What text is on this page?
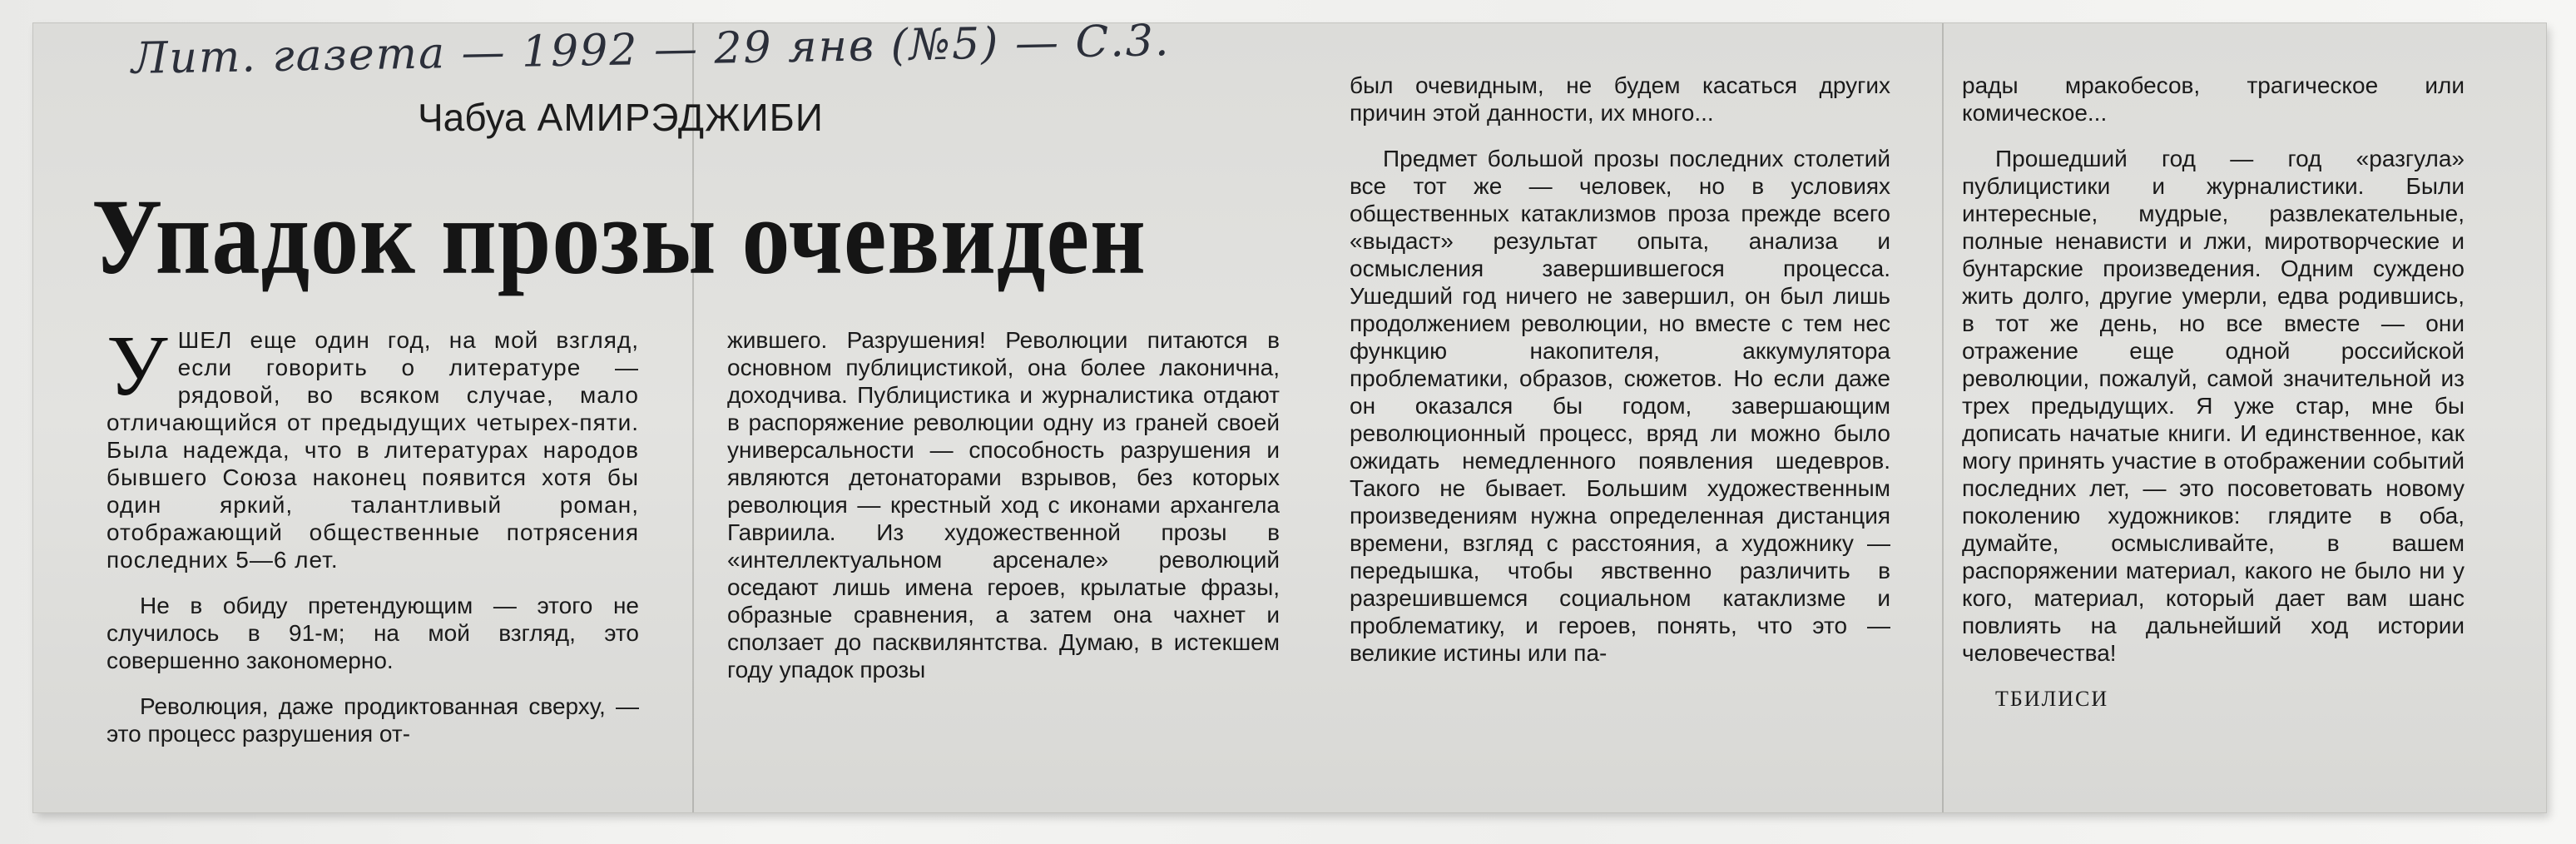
Лит. газета — 1992 — 29 янв (№5) — С.3.
Чабуа АМИРЭДЖИБИ
Упадок прозы очевиден

УШЕЛ еще один год, на мой взгляд, если говорить о литературе — рядовой, во всяком случае, мало отличающийся от предыдущих четырех-пяти. Была надежда, что в литературах народов бывшего Союза наконец появится хотя бы один яркий, талантливый роман, отображающий общественные потрясения последних 5—6 лет.

Не в обиду претендующим — этого не случилось в 91-м; на мой взгляд, это совершенно закономерно.

Революция, даже продиктованная сверху, — это процесс разрушения от-

жившего. Разрушения! Революции питаются в основном публицистикой, она более лаконична, доходчива. Публицистика и журналистика отдают в распоряжение революции одну из граней своей универсальности — способность разрушения и являются детонаторами взрывов, без которых революция — крестный ход с иконами архангела Гавриила. Из художественной прозы в «интеллектуальном арсенале» революций оседают лишь имена героев, крылатые фразы, образные сравнения, а затем она чахнет и сползает до пасквилянтства. Думаю, в истекшем году упадок прозы

был очевидным, не будем касаться других причин этой данности, их много...

Предмет большой прозы последних столетий все тот же — человек, но в условиях общественных катаклизмов проза прежде всего «выдаст» результат опыта, анализа и осмысления завершившегося процесса. Ушедший год ничего не завершил, он был лишь продолжением революции, но вместе с тем нес функцию накопителя, аккумулятора проблематики, образов, сюжетов. Но если даже он оказался бы годом, завершающим революционный процесс, вряд ли можно было ожидать немедленного появления шедевров. Такого не бывает. Большим художественным произведениям нужна определенная дистанция времени, взгляд с расстояния, а художнику — передышка, чтобы явственно различить в разрешившемся социальном катаклизме и проблематику, и героев, понять, что это — великие истины или па-

рады мракобесов, трагическое или комическое...

Прошедший год — год «разгула» публицистики и журналистики. Были интересные, мудрые, развлекательные, полные ненависти и лжи, миротворческие и бунтарские произведения. Одним суждено жить долго, другие умерли, едва родившись, в тот же день, но все вместе — они отражение еще одной российской революции, пожалуй, самой значительной из трех предыдущих. Я уже стар, мне бы дописать начатые книги. И единственное, как могу принять участие в отображении событий последних лет, — это посоветовать новому поколению художников: глядите в оба, думайте, осмысливайте, в вашем распоряжении материал, какого не было ни у кого, материал, который дает вам шанс повлиять на дальнейший ход истории человечества!

ТБИЛИСИ
